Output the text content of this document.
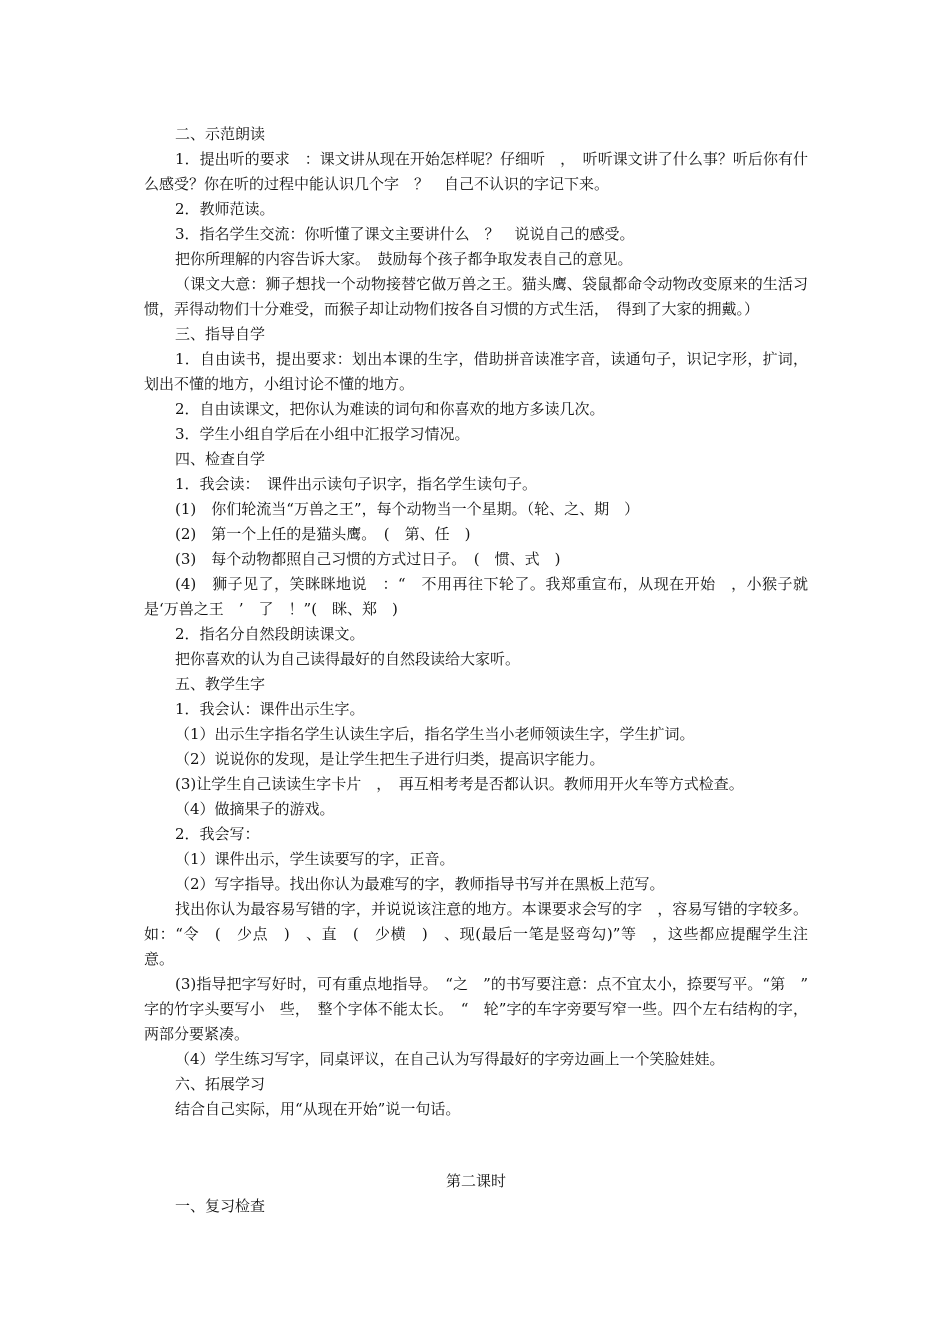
二、示范朗读

1．提出听的要求　：课文讲从现在开始怎样呢？仔细听　，　听听课文讲了什么事？听后你有什么感受？你在听的过程中能认识几个字　？　自己不认识的字记下来。

2．教师范读。

3．指名学生交流：你听懂了课文主要讲什么　？　说说自己的感受。

把你所理解的内容告诉大家。　鼓励每个孩子都争取发表自己的意见。

（课文大意：狮子想找一个动物接替它做万兽之王。猫头鹰、袋鼠都命令动物改变原来的生活习惯，弄得动物们十分难受，而猴子却让动物们按各自习惯的方式生活，　得到了大家的拥戴。）

三、指导自学

1．自由读书，提出要求：划出本课的生字，借助拼音读准字音，读通句子，识记字形，扩词，划出不懂的地方，小组讨论不懂的地方。

2．自由读课文，把你认为难读的词句和你喜欢的地方多读几次。

3．学生小组自学后在小组中汇报学习情况。

四、检查自学

1．我会读：　课件出示读句子识字，指名学生读句子。

(1)　你们轮流当“万兽之王”，每个动物当一个星期。（轮、之、期　）

(2)　第一个上任的是猫头鹰。　(　第、任　)

(3)　每个动物都照自己习惯的方式过日子。　(　惯、式　)

(4)　狮子见了，笑眯眯地说　：“　不用再往下轮了。我郑重宣布，从现在开始　，小猴子就是‘万兽之王　’　了　！”(　眯、郑　)

2．指名分自然段朗读课文。

把你喜欢的认为自己读得最好的自然段读给大家听。

五、教学生字

1．我会认：课件出示生字。

（1）出示生字指名学生认读生字后，指名学生当小老师领读生字，学生扩词。

（2）说说你的发现，是让学生把生子进行归类，提高识字能力。

(3)让学生自己读读生字卡片　，　再互相考考是否都认识。教师用开火车等方式检查。

（4）做摘果子的游戏。

2．我会写：

（1）课件出示，学生读要写的字，正音。

（2）写字指导。找出你认为最难写的字，教师指导书写并在黑板上范写。

找出你认为最容易写错的字，并说说该注意的地方。本课要求会写的字　，容易写错的字较多。如：“令　(　少点　)　、直　(　少横　)　、现(最后一笔是竖弯勾)”等　，这些都应提醒学生注意。

(3)指导把字写好时，可有重点地指导。　“之　”的书写要注意：点不宜太小，捺要写平。“第　”　字的竹字头要写小　些，　整个字体不能太长。　“　轮”字的车字旁要写窄一些。四个左右结构的字，两部分要紧凑。

（4）学生练习写字，同桌评议，在自己认为写得最好的字旁边画上一个笑脸娃娃。

六、拓展学习

结合自己实际，用“从现在开始”说一句话。

第二课时

一、复习检查
